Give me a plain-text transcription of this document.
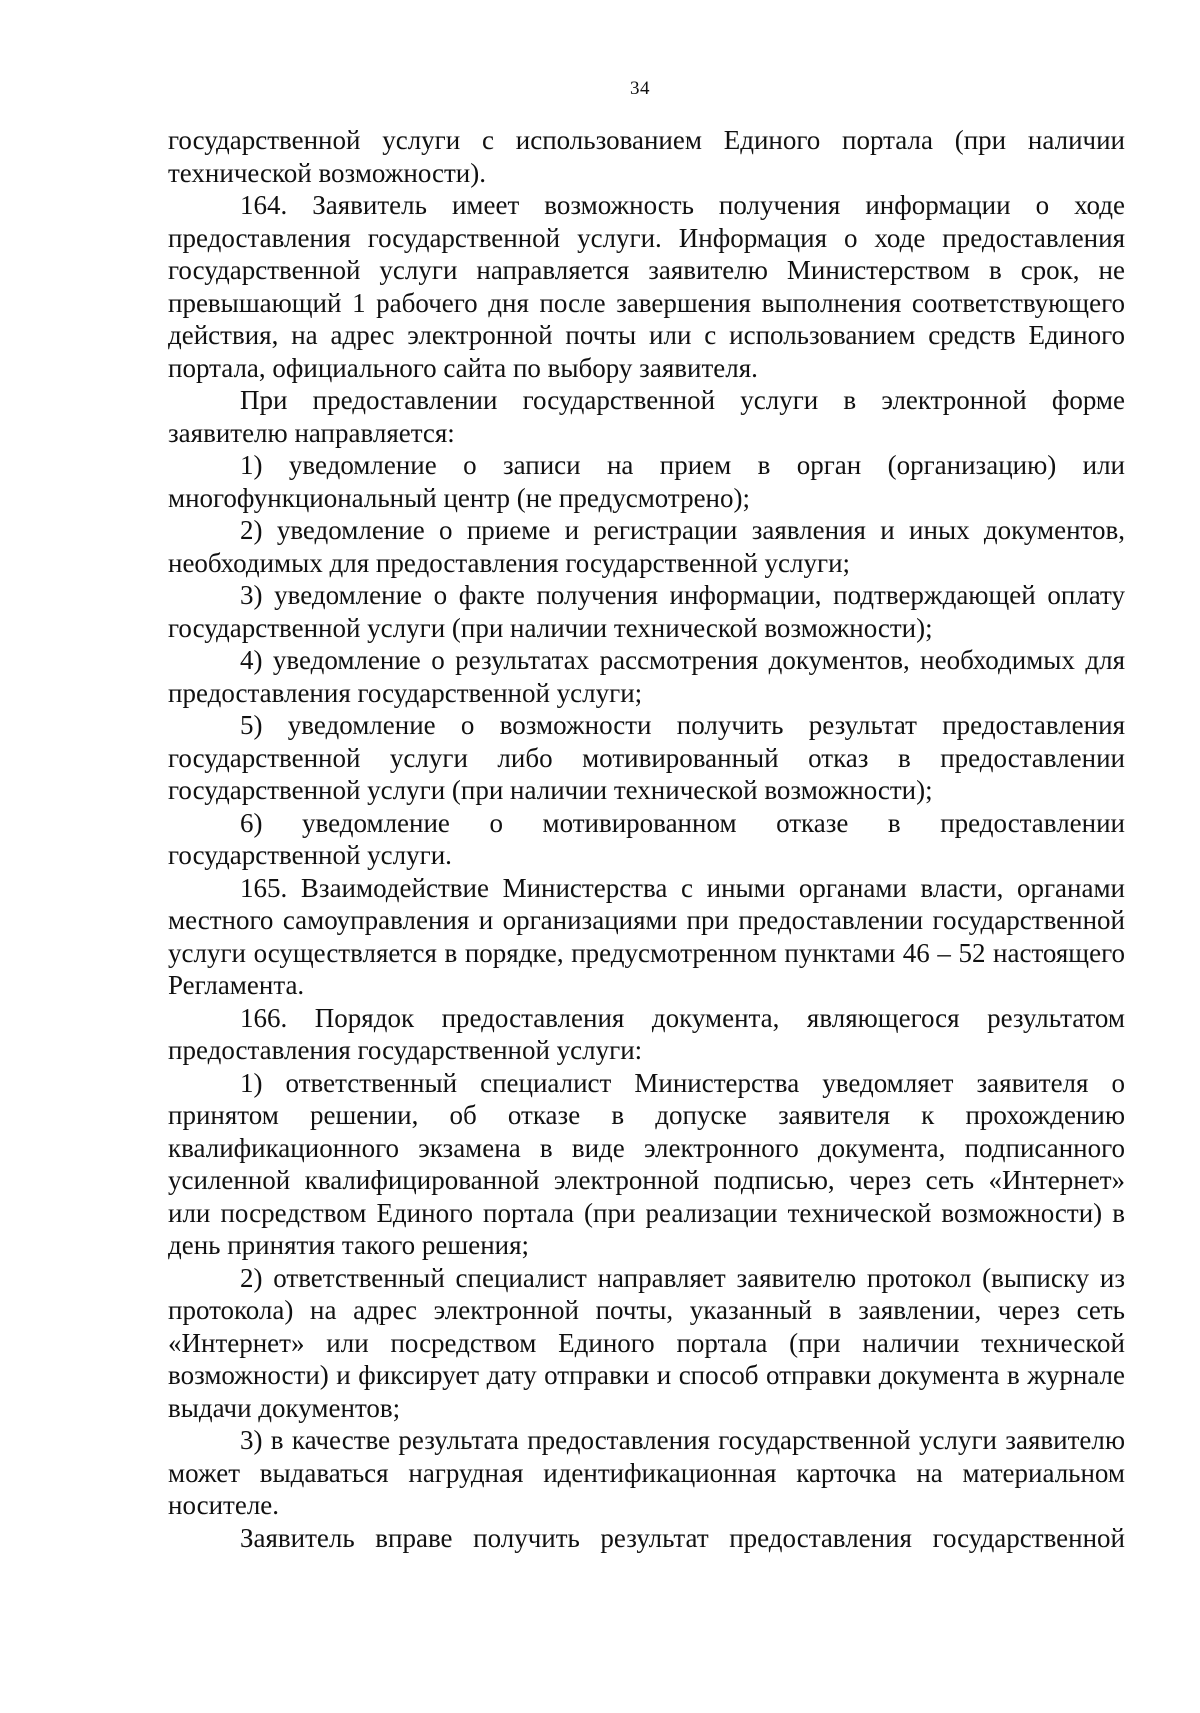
34

государственной услуги с использованием Единого портала (при наличии технической возможности).

164. Заявитель имеет возможность получения информации о ходе предоставления государственной услуги. Информация о ходе предоставления государственной услуги направляется заявителю Министерством в срок, не превышающий 1 рабочего дня после завершения выполнения соответствующего действия, на адрес электронной почты или с использованием средств Единого портала, официального сайта по выбору заявителя.

При предоставлении государственной услуги в электронной форме заявителю направляется:

1) уведомление о записи на прием в орган (организацию) или многофункциональный центр (не предусмотрено);

2) уведомление о приеме и регистрации заявления и иных документов, необходимых для предоставления государственной услуги;

3) уведомление о факте получения информации, подтверждающей оплату государственной услуги (при наличии технической возможности);

4) уведомление о результатах рассмотрения документов, необходимых для предоставления государственной услуги;

5) уведомление о возможности получить результат предоставления государственной услуги либо мотивированный отказ в предоставлении государственной услуги (при наличии технической возможности);

6) уведомление о мотивированном отказе в предоставлении государственной услуги.

165. Взаимодействие Министерства с иными органами власти, органами местного самоуправления и организациями при предоставлении государственной услуги осуществляется в порядке, предусмотренном пунктами 46 – 52 настоящего Регламента.

166. Порядок предоставления документа, являющегося результатом предоставления государственной услуги:

1) ответственный специалист Министерства уведомляет заявителя о принятом решении, об отказе в допуске заявителя к прохождению квалификационного экзамена в виде электронного документа, подписанного усиленной квалифицированной электронной подписью, через сеть «Интернет» или посредством Единого портала (при реализации технической возможности) в день принятия такого решения;

2) ответственный специалист направляет заявителю протокол (выписку из протокола) на адрес электронной почты, указанный в заявлении, через сеть «Интернет» или посредством Единого портала (при наличии технической возможности) и фиксирует дату отправки и способ отправки документа в журнале выдачи документов;

3) в качестве результата предоставления государственной услуги заявителю может выдаваться нагрудная идентификационная карточка на материальном носителе.

Заявитель вправе получить результат предоставления государственной
